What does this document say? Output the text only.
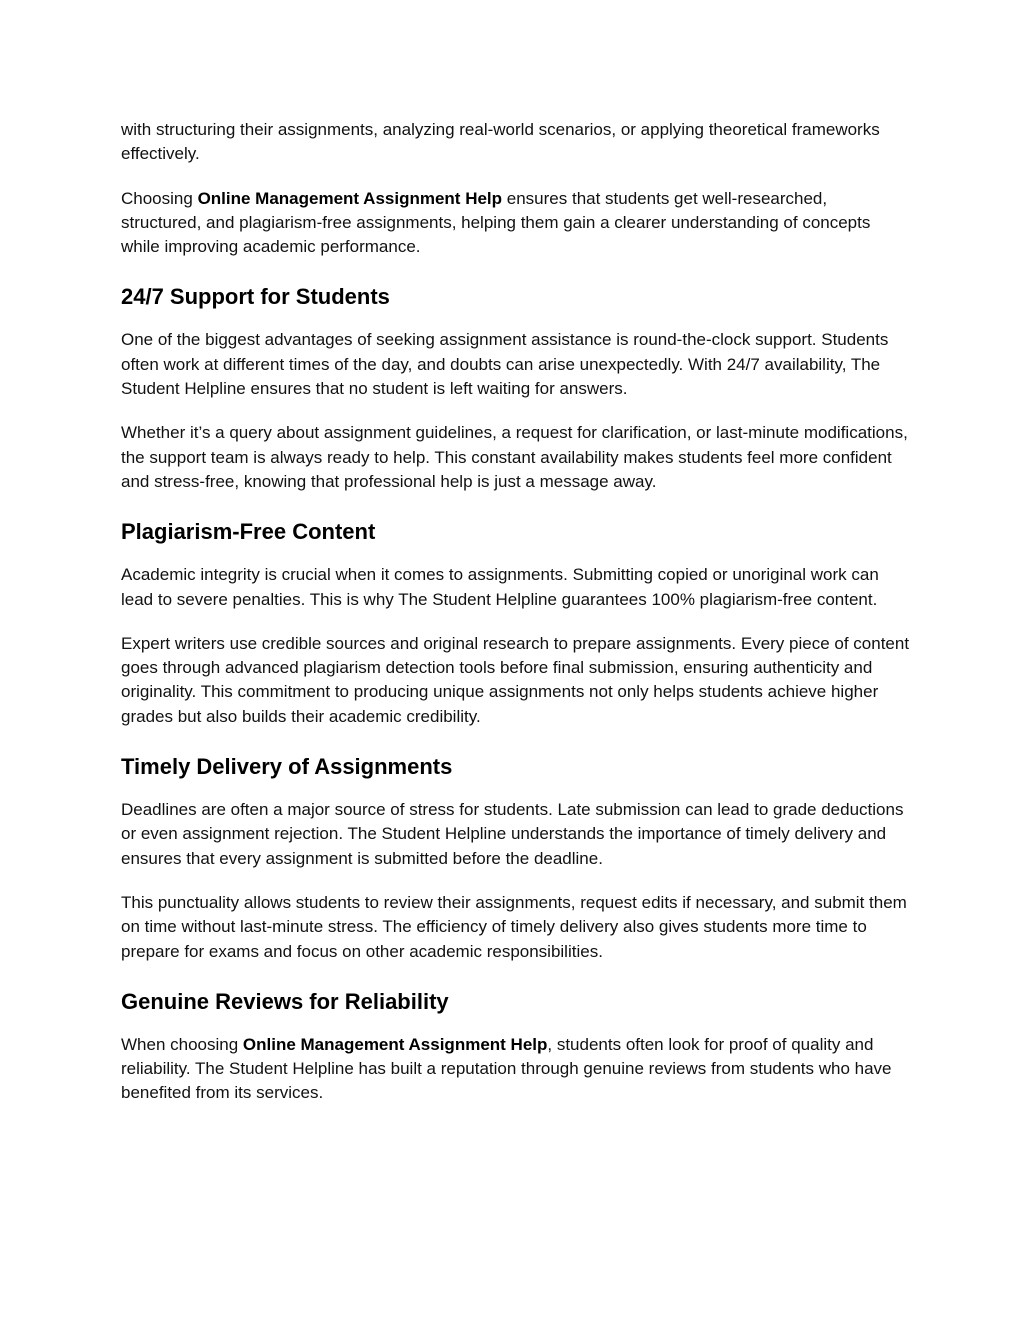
with structuring their assignments, analyzing real-world scenarios, or applying theoretical frameworks effectively.

Choosing Online Management Assignment Help ensures that students get well-researched, structured, and plagiarism-free assignments, helping them gain a clearer understanding of concepts while improving academic performance.

24/7 Support for Students

One of the biggest advantages of seeking assignment assistance is round-the-clock support. Students often work at different times of the day, and doubts can arise unexpectedly. With 24/7 availability, The Student Helpline ensures that no student is left waiting for answers.

Whether it’s a query about assignment guidelines, a request for clarification, or last-minute modifications, the support team is always ready to help. This constant availability makes students feel more confident and stress-free, knowing that professional help is just a message away.

Plagiarism-Free Content

Academic integrity is crucial when it comes to assignments. Submitting copied or unoriginal work can lead to severe penalties. This is why The Student Helpline guarantees 100% plagiarism-free content.

Expert writers use credible sources and original research to prepare assignments. Every piece of content goes through advanced plagiarism detection tools before final submission, ensuring authenticity and originality. This commitment to producing unique assignments not only helps students achieve higher grades but also builds their academic credibility.

Timely Delivery of Assignments

Deadlines are often a major source of stress for students. Late submission can lead to grade deductions or even assignment rejection. The Student Helpline understands the importance of timely delivery and ensures that every assignment is submitted before the deadline.

This punctuality allows students to review their assignments, request edits if necessary, and submit them on time without last-minute stress. The efficiency of timely delivery also gives students more time to prepare for exams and focus on other academic responsibilities.

Genuine Reviews for Reliability

When choosing Online Management Assignment Help, students often look for proof of quality and reliability. The Student Helpline has built a reputation through genuine reviews from students who have benefited from its services.
